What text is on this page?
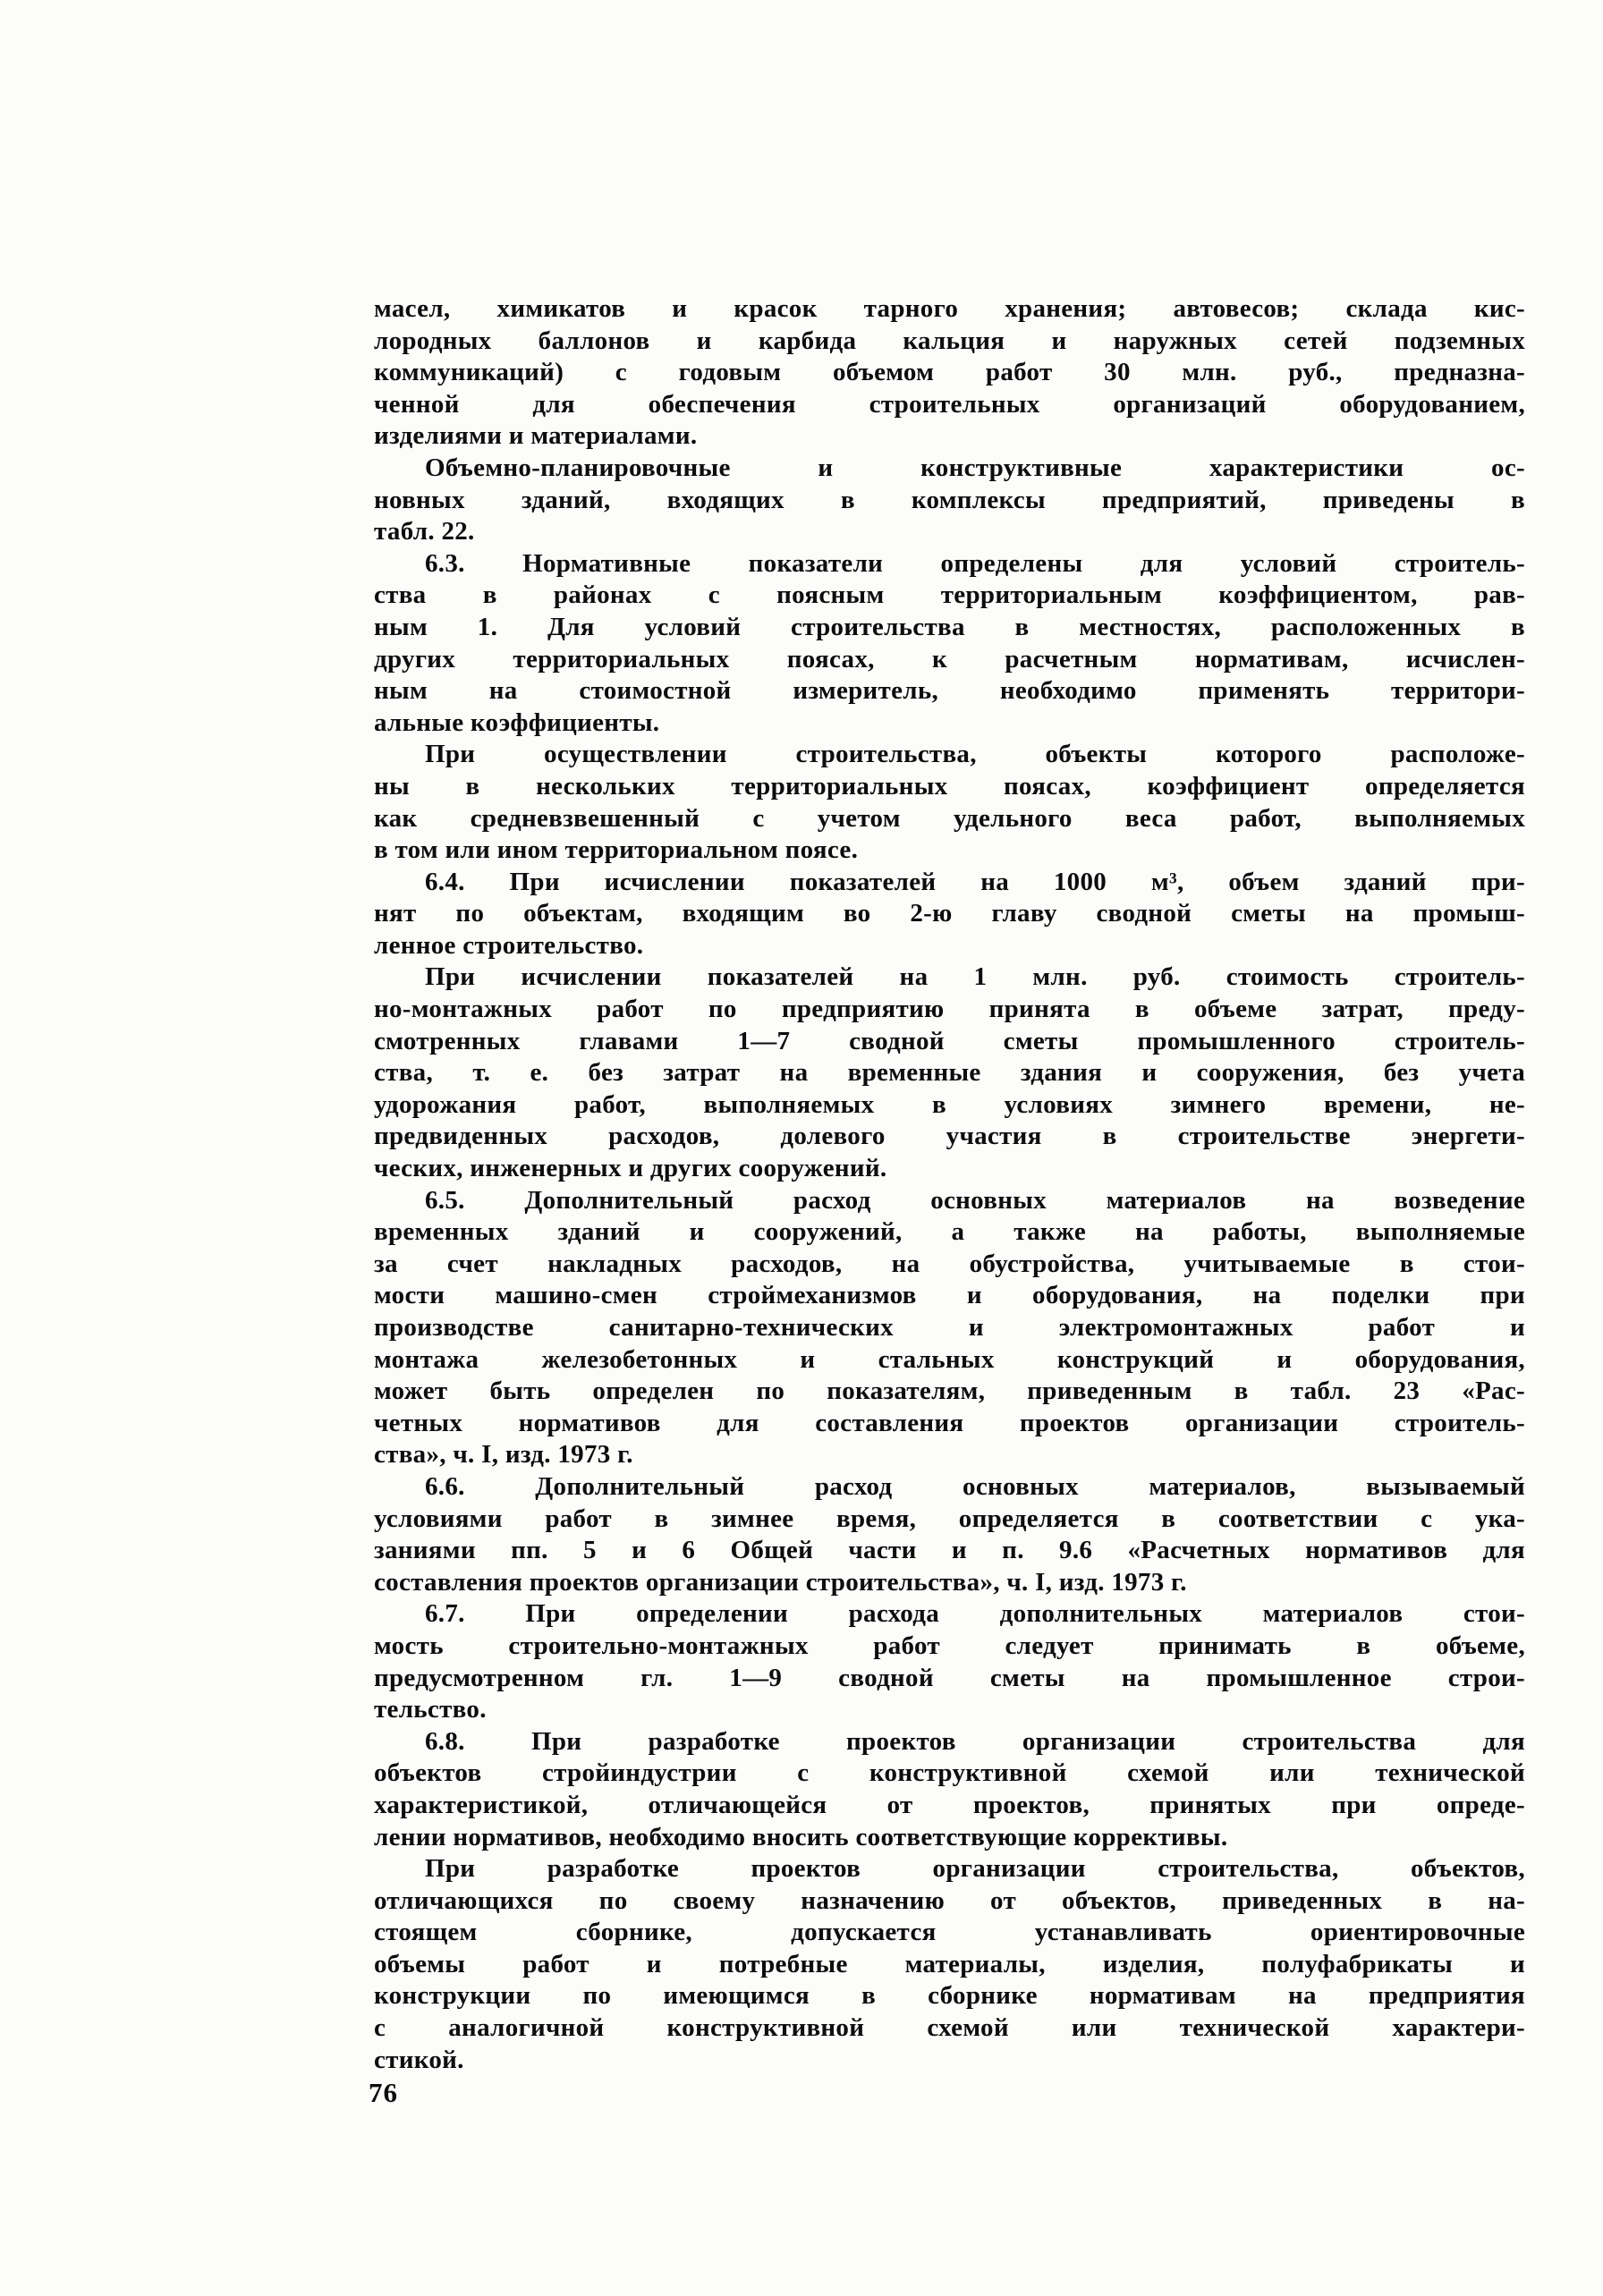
масел, химикатов и красок тарного хранения; автовесов; склада кис-
лородных баллонов и карбида кальция и наружных сетей подземных
коммуникаций) с годовым объемом работ 30 млн. руб., предназна-
ченной для обеспечения строительных организаций оборудованием,
изделиями и материалами.
Объемно-планировочные и конструктивные характеристики ос-
новных зданий, входящих в комплексы предприятий, приведены в
табл. 22.
6.3. Нормативные показатели определены для условий строитель-
ства в районах с поясным территориальным коэффициентом, рав-
ным 1. Для условий строительства в местностях, расположенных в
других территориальных поясах, к расчетным нормативам, исчислен-
ным на стоимостной измеритель, необходимо применять территори-
альные коэффициенты.
При осуществлении строительства, объекты которого расположе-
ны в нескольких территориальных поясах, коэффициент определяется
как средневзвешенный с учетом удельного веса работ, выполняемых
в том или ином территориальном поясе.
6.4. При исчислении показателей на 1000 м³, объем зданий при-
нят по объектам, входящим во 2-ю главу сводной сметы на промыш-
ленное строительство.
При исчислении показателей на 1 млн. руб. стоимость строитель-
но-монтажных работ по предприятию принята в объеме затрат, преду-
смотренных главами 1—7 сводной сметы промышленного строитель-
ства, т. е. без затрат на временные здания и сооружения, без учета
удорожания работ, выполняемых в условиях зимнего времени, не-
предвиденных расходов, долевого участия в строительстве энергети-
ческих, инженерных и других сооружений.
6.5. Дополнительный расход основных материалов на возведение
временных зданий и сооружений, а также на работы, выполняемые
за счет накладных расходов, на обустройства, учитываемые в стои-
мости машино-смен строймеханизмов и оборудования, на поделки при
производстве санитарно-технических и электромонтажных работ и
монтажа железобетонных и стальных конструкций и оборудования,
может быть определен по показателям, приведенным в табл. 23 «Рас-
четных нормативов для составления проектов организации строитель-
ства», ч. I, изд. 1973 г.
6.6. Дополнительный расход основных материалов, вызываемый
условиями работ в зимнее время, определяется в соответствии с ука-
заниями пп. 5 и 6 Общей части и п. 9.6 «Расчетных нормативов для
составления проектов организации строительства», ч. I, изд. 1973 г.
6.7. При определении расхода дополнительных материалов стои-
мость строительно-монтажных работ следует принимать в объеме,
предусмотренном гл. 1—9 сводной сметы на промышленное строи-
тельство.
6.8. При разработке проектов организации строительства для
объектов стройиндустрии с конструктивной схемой или технической
характеристикой, отличающейся от проектов, принятых при опреде-
лении нормативов, необходимо вносить соответствующие коррективы.
При разработке проектов организации строительства, объектов,
отличающихся по своему назначению от объектов, приведенных в на-
стоящем сборнике, допускается устанавливать ориентировочные
объемы работ и потребные материалы, изделия, полуфабрикаты и
конструкции по имеющимся в сборнике нормативам на предприятия
с аналогичной конструктивной схемой или технической характери-
стикой.
76
